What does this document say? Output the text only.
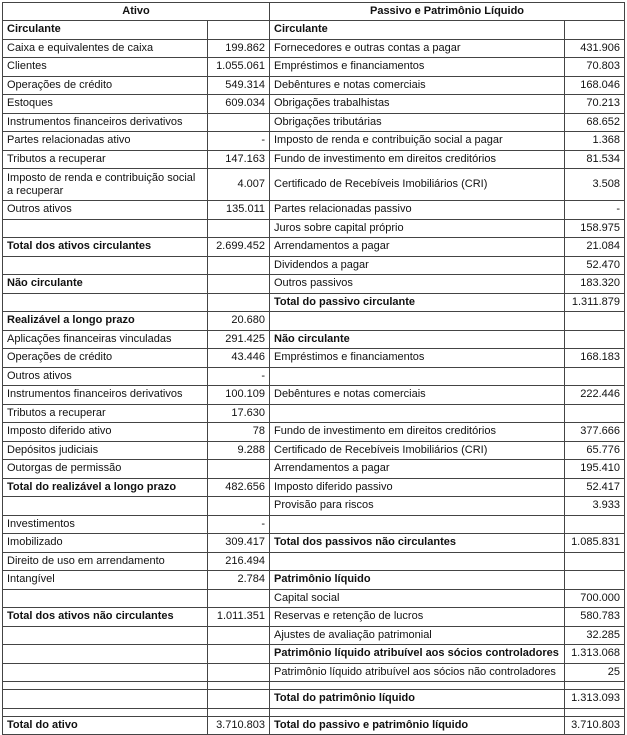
Ativo		Passivo e Patrimônio Líquido	
Circulante		Circulante	
Caixa e equivalentes de caixa	199.862	Fornecedores e outras contas a pagar	431.906
Clientes	1.055.061	Empréstimos e financiamentos	70.803
Operações de crédito	549.314	Debêntures e notas comerciais	168.046
Estoques	609.034	Obrigações trabalhistas	70.213
Instrumentos financeiros derivativos		Obrigações tributárias	68.652
Partes relacionadas ativo	-	Imposto de renda e contribuição social a pagar	1.368
Tributos a recuperar	147.163	Fundo de investimento em direitos creditórios	81.534
Imposto de renda e contribuição social a recuperar	4.007	Certificado de Recebíveis Imobiliários (CRI)	3.508
Outros ativos	135.011	Partes relacionadas passivo	-
		Juros sobre capital próprio	158.975
Total dos ativos circulantes	2.699.452	Arrendamentos a pagar	21.084
		Dividendos a pagar	52.470
Não circulante		Outros passivos	183.320
		Total do passivo circulante	1.311.879
Realizável a longo prazo	20.680		
Aplicações financeiras vinculadas	291.425	Não circulante	
Operações de crédito	43.446	Empréstimos e financiamentos	168.183
Outros ativos	-		
Instrumentos financeiros derivativos	100.109	Debêntures e notas comerciais	222.446
Tributos a recuperar	17.630		
Imposto diferido ativo	78	Fundo de investimento em direitos creditórios	377.666
Depósitos judiciais	9.288	Certificado de Recebíveis Imobiliários (CRI)	65.776
Outorgas de permissão		Arrendamentos a pagar	195.410
Total do realizável a longo prazo	482.656	Imposto diferido passivo	52.417
		Provisão para riscos	3.933
Investimentos	-		
Imobilizado	309.417	Total dos passivos não circulantes	1.085.831
Direito de uso em arrendamento	216.494		
Intangível	2.784	Patrimônio líquido	
		Capital social	700.000
Total dos ativos não circulantes	1.011.351	Reservas e retenção de lucros	580.783
		Ajustes de avaliação patrimonial	32.285
		Patrimônio líquido atribuível aos sócios controladores	1.313.068
		Patrimônio líquido atribuível aos sócios não controladores	25

		Total do patrimônio líquido	1.313.093

Total do ativo	3.710.803	Total do passivo e patrimônio líquido	3.710.803
